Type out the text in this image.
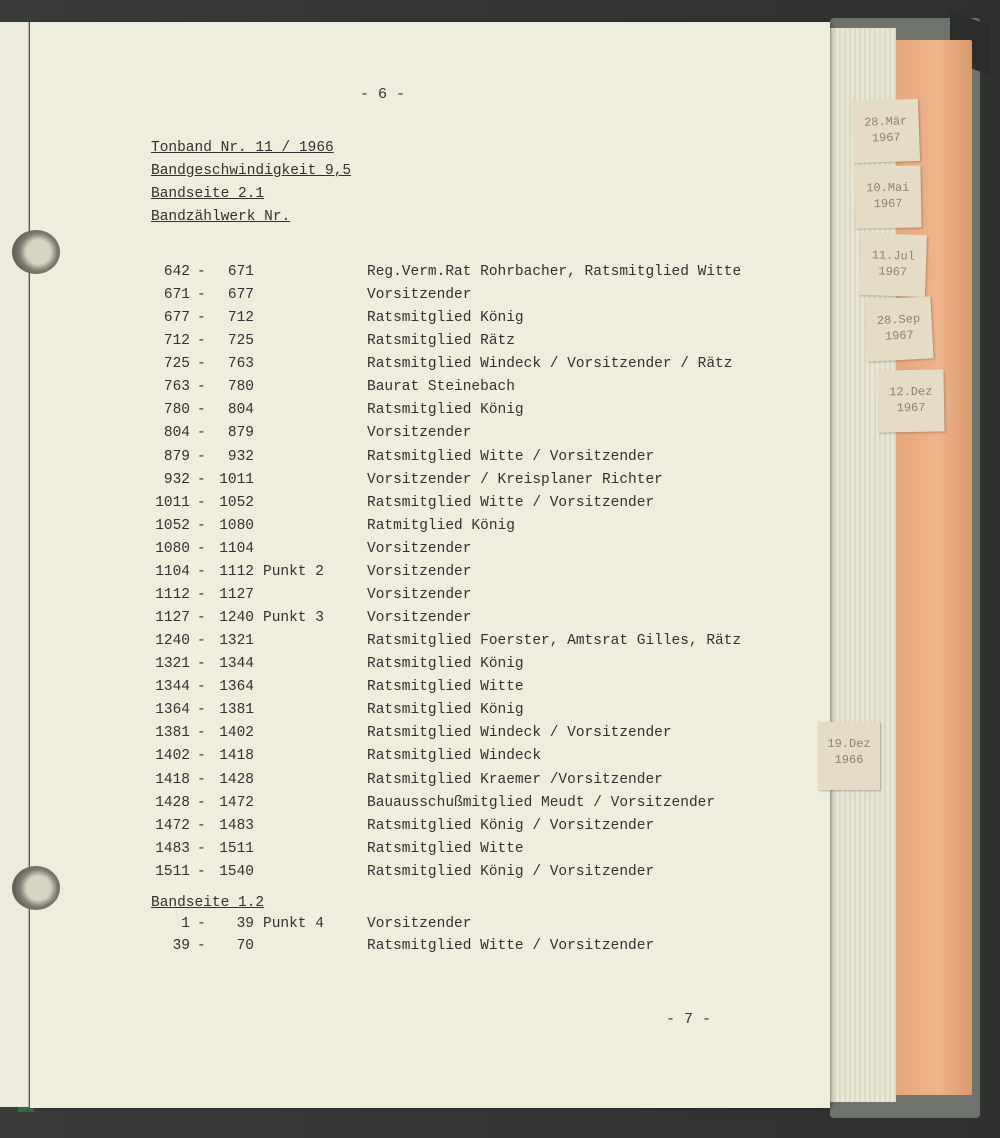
28.Mär
1967
10.Mai
1967
11.Jul
1967
28.Sep
1967
12.Dez
1967
19.Dez
1966
- 6 -
Tonband Nr. 11 / 1966
Bandgeschwindigkeit 9,5
Bandseite 2.1
Bandzählwerk Nr.
642 -	671	Reg.Verm.Rat Rohrbacher, Ratsmitglied Witte
671 -	677	Vorsitzender
677 -	712	Ratsmitglied König
712 -	725	Ratsmitglied Rätz
725 -	763	Ratsmitglied Windeck / Vorsitzender / Rätz
763 -	780	Baurat Steinebach
780 -	804	Ratsmitglied König
804 -	879	Vorsitzender
879 -	932	Ratsmitglied Witte / Vorsitzender
932 - 1011	Vorsitzender / Kreisplaner Richter
1011 - 1052	Ratsmitglied Witte / Vorsitzender
1052 - 1080	Ratmitglied König
1080 - 1104	Vorsitzender
1104 - 1112 Punkt 2	Vorsitzender
1112 - 1127	Vorsitzender
1127 - 1240 Punkt 3	Vorsitzender
1240 - 1321	Ratsmitglied Foerster, Amtsrat Gilles, Rätz
1321 - 1344	Ratsmitglied König
1344 - 1364	Ratsmitglied Witte
1364 - 1381	Ratsmitglied König
1381 - 1402	Ratsmitglied Windeck / Vorsitzender
1402 - 1418	Ratsmitglied Windeck
1418 - 1428	Ratsmitglied Kraemer /Vorsitzender
1428 - 1472	Bauausschußmitglied Meudt / Vorsitzender
1472 - 1483	Ratsmitglied König / Vorsitzender
1483 - 1511	Ratsmitglied Witte
1511 - 1540	Ratsmitglied König / Vorsitzender
Bandseite 1.2
1 -	39 Punkt 4	Vorsitzender
39 -	70	Ratsmitglied Witte / Vorsitzender
- 7 -
